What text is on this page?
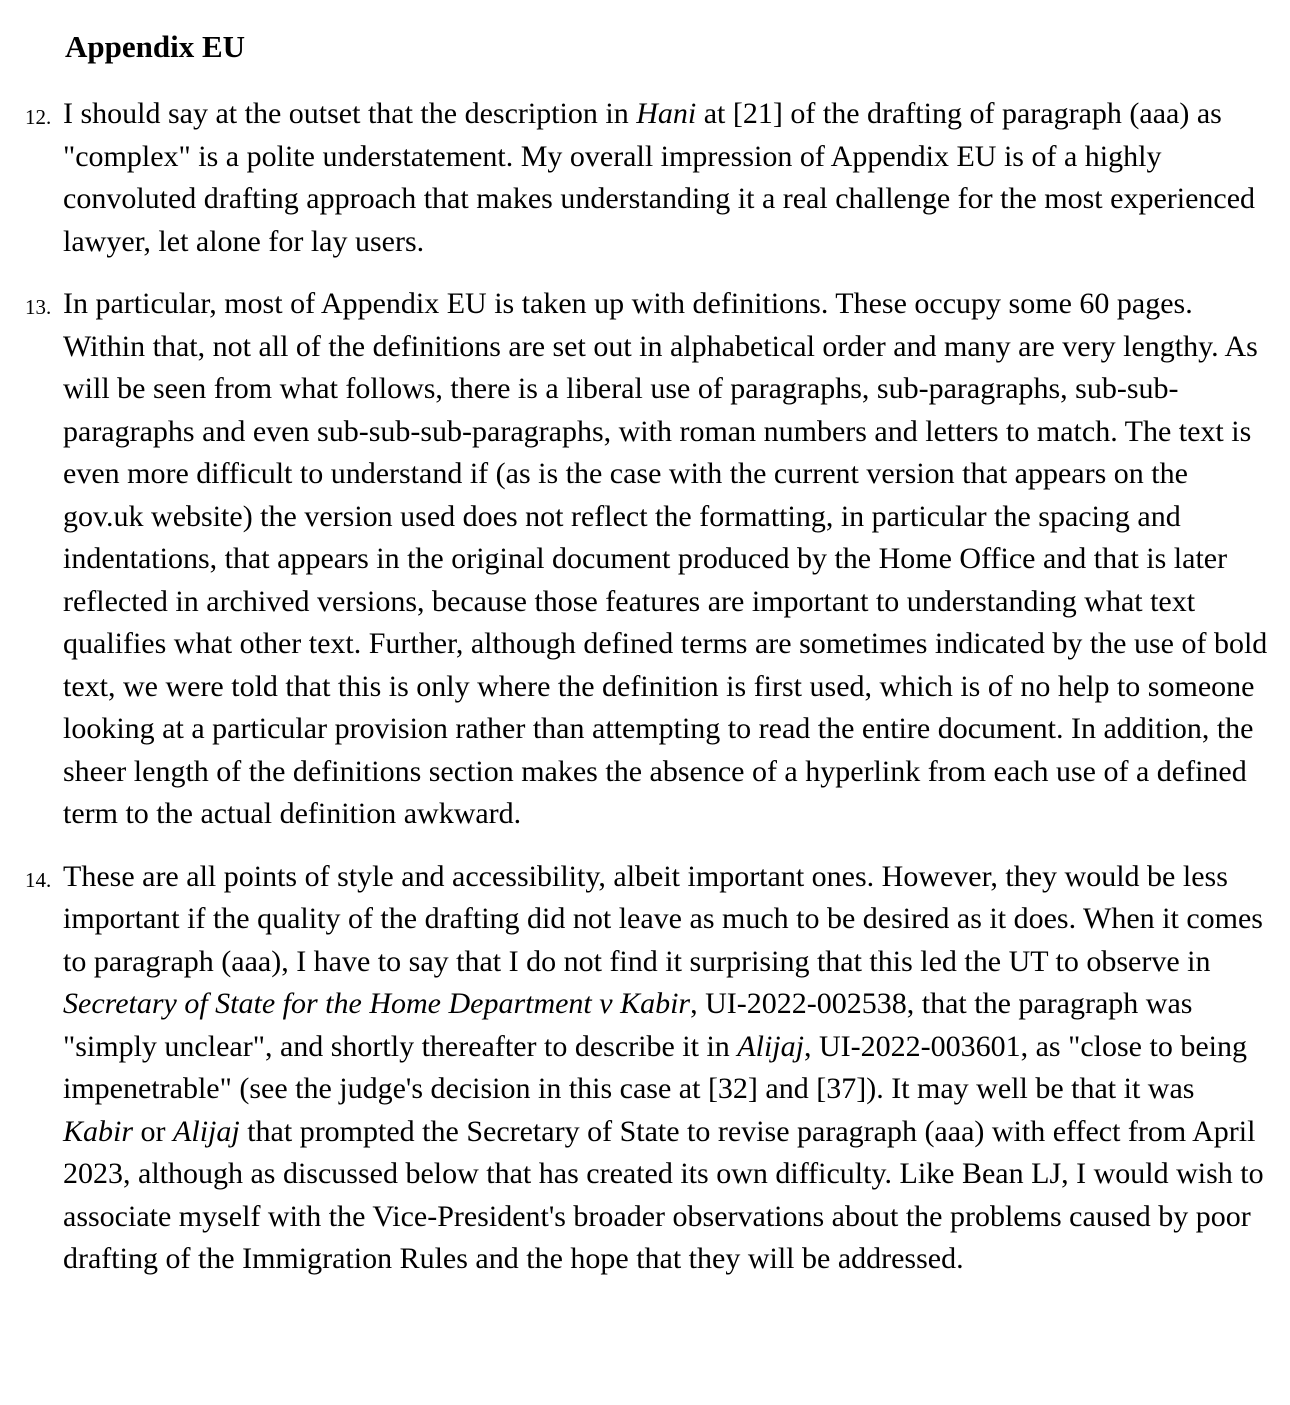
Appendix EU
12. I should say at the outset that the description in Hani at [21] of the drafting of paragraph (aaa) as "complex" is a polite understatement. My overall impression of Appendix EU is of a highly convoluted drafting approach that makes understanding it a real challenge for the most experienced lawyer, let alone for lay users.
13. In particular, most of Appendix EU is taken up with definitions. These occupy some 60 pages. Within that, not all of the definitions are set out in alphabetical order and many are very lengthy. As will be seen from what follows, there is a liberal use of paragraphs, sub-paragraphs, sub-sub-paragraphs and even sub-sub-sub-paragraphs, with roman numbers and letters to match. The text is even more difficult to understand if (as is the case with the current version that appears on the gov.uk website) the version used does not reflect the formatting, in particular the spacing and indentations, that appears in the original document produced by the Home Office and that is later reflected in archived versions, because those features are important to understanding what text qualifies what other text. Further, although defined terms are sometimes indicated by the use of bold text, we were told that this is only where the definition is first used, which is of no help to someone looking at a particular provision rather than attempting to read the entire document. In addition, the sheer length of the definitions section makes the absence of a hyperlink from each use of a defined term to the actual definition awkward.
14. These are all points of style and accessibility, albeit important ones. However, they would be less important if the quality of the drafting did not leave as much to be desired as it does. When it comes to paragraph (aaa), I have to say that I do not find it surprising that this led the UT to observe in Secretary of State for the Home Department v Kabir, UI-2022-002538, that the paragraph was "simply unclear", and shortly thereafter to describe it in Alijaj, UI-2022-003601, as "close to being impenetrable" (see the judge's decision in this case at [32] and [37]). It may well be that it was Kabir or Alijaj that prompted the Secretary of State to revise paragraph (aaa) with effect from April 2023, although as discussed below that has created its own difficulty. Like Bean LJ, I would wish to associate myself with the Vice-President's broader observations about the problems caused by poor drafting of the Immigration Rules and the hope that they will be addressed.
